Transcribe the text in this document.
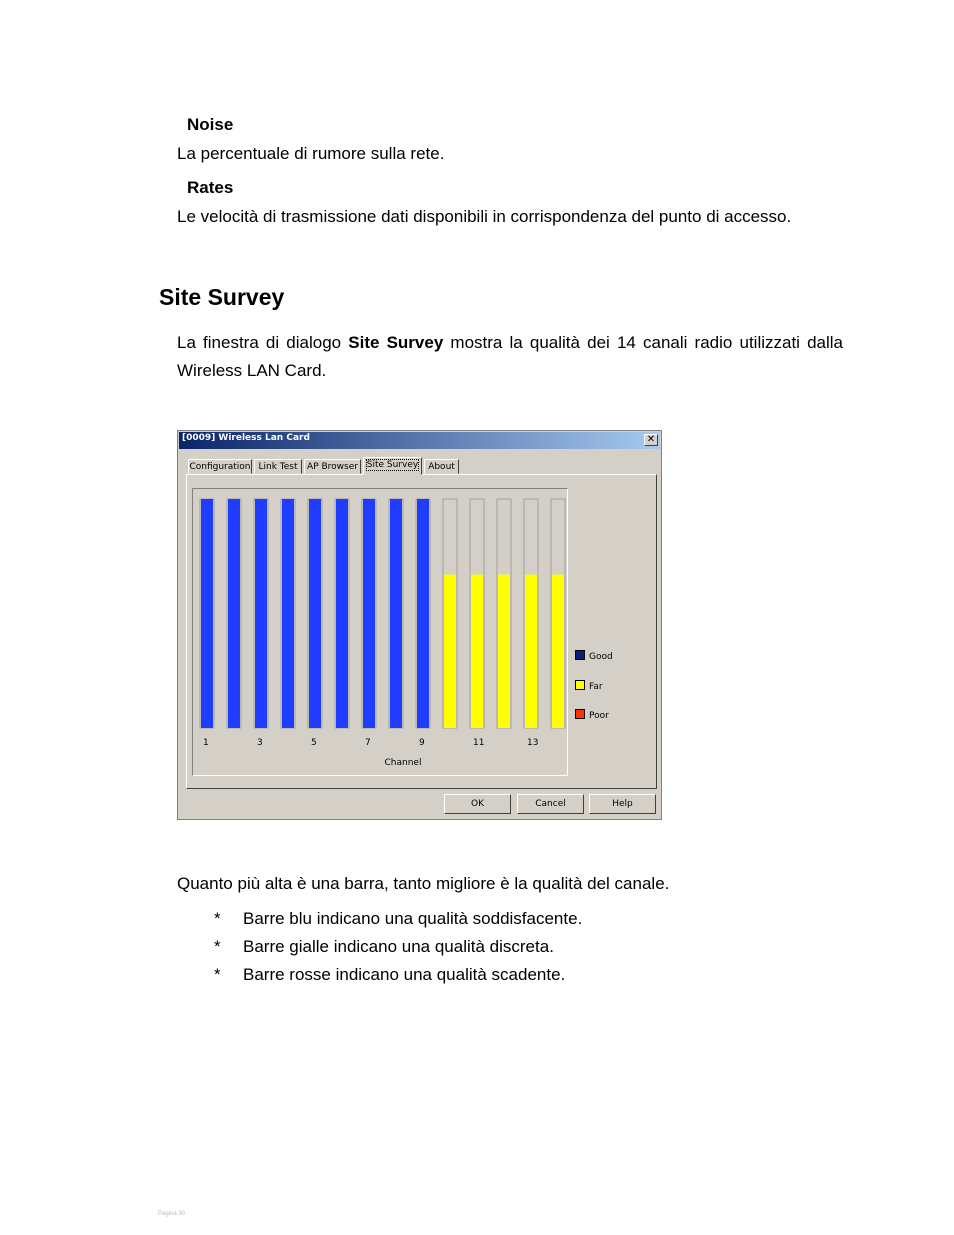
Noise
La percentuale di rumore sulla rete.
Rates
Le velocità di trasmissione dati disponibili in corrispondenza del punto di accesso.
Site Survey
La finestra di dialogo Site Survey mostra la qualità dei 14 canali radio utilizzati dalla Wireless LAN Card.
[0009] Wireless Lan Card	✕
Configuration Link Test	AP Browser Site Survey	About
1	3	5	7	9	11	13
Channel
Good
Far
Poor
OK	Cancel	Help
Quanto più alta è una barra, tanto migliore è la qualità del canale.
* Barre blu indicano una qualità soddisfacente.
* Barre gialle indicano una qualità discreta.
* Barre rosse indicano una qualità scadente.
Pagina 30
